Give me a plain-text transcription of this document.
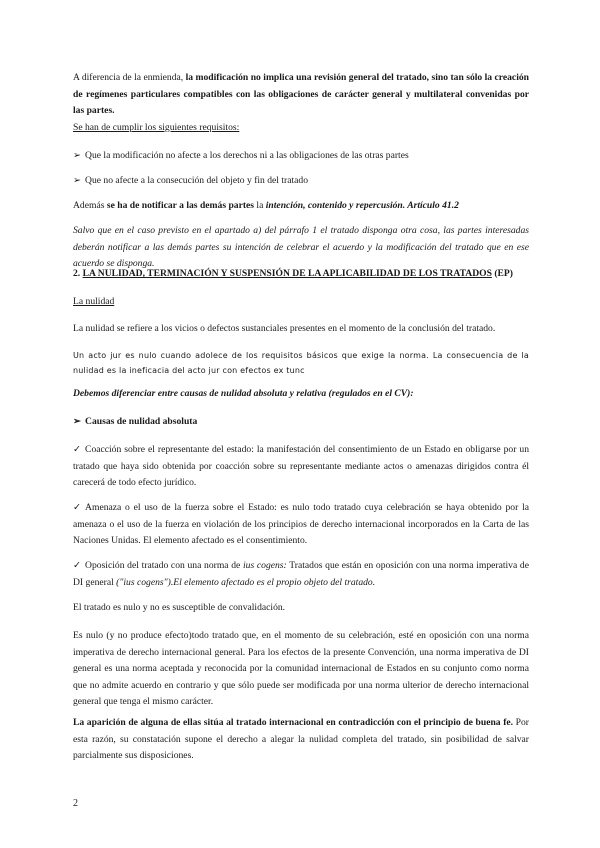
A diferencia de la enmienda, la modificación no implica una revisión general del tratado, sino tan sólo la creación de regímenes particulares compatibles con las obligaciones de carácter general y multilateral convenidas por las partes.
Se han de cumplir los siguientes requisitos:

➢ Que la modificación no afecte a los derechos ni a las obligaciones de las otras partes

➢ Que no afecte a la consecución del objeto y fin del tratado

Además se ha de notificar a las demás partes la intención, contenido y repercusión. Artículo 41.2

Salvo que en el caso previsto en el apartado a) del párrafo 1 el tratado disponga otra cosa, las partes interesadas deberán notificar a las demás partes su intención de celebrar el acuerdo y la modificación del tratado que en ese acuerdo se disponga.

2. LA NULIDAD, TERMINACIÓN Y SUSPENSIÓN DE LA APLICABILIDAD DE LOS TRATADOS (EP)

La nulidad

La nulidad se refiere a los vicios o defectos sustanciales presentes en el momento de la conclusión del tratado.

Un acto jur es nulo cuando adolece de los requisitos básicos que exige la norma. La consecuencia de la nulidad es la ineficacia del acto jur con efectos ex tunc

Debemos diferenciar entre causas de nulidad absoluta y relativa (regulados en el CV):

➢ Causas de nulidad absoluta

✓ Coacción sobre el representante del estado: la manifestación del consentimiento de un Estado en obligarse por un tratado que haya sido obtenida por coacción sobre su representante mediante actos o amenazas dirigidos contra él carecerá de todo efecto jurídico.

✓ Amenaza o el uso de la fuerza sobre el Estado: es nulo todo tratado cuya celebración se haya obtenido por la amenaza o el uso de la fuerza en violación de los principios de derecho internacional incorporados en la Carta de las Naciones Unidas. El elemento afectado es el consentimiento.

✓ Oposición del tratado con una norma de ius cogens: Tratados que están en oposición con una norma imperativa de DI general ("ius cogens").El elemento afectado es el propio objeto del tratado.

El tratado es nulo y no es susceptible de convalidación.

Es nulo (y no produce efecto)todo tratado que, en el momento de su celebración, esté en oposición con una norma imperativa de derecho internacional general. Para los efectos de la presente Convención, una norma imperativa de DI general es una norma aceptada y reconocida por la comunidad internacional de Estados en su conjunto como norma que no admite acuerdo en contrario y que sólo puede ser modificada por una norma ulterior de derecho internacional general que tenga el mismo carácter.

La aparición de alguna de ellas sitúa al tratado internacional en contradicción con el principio de buena fe. Por esta razón, su constatación supone el derecho a alegar la nulidad completa del tratado, sin posibilidad de salvar parcialmente sus disposiciones.

2
